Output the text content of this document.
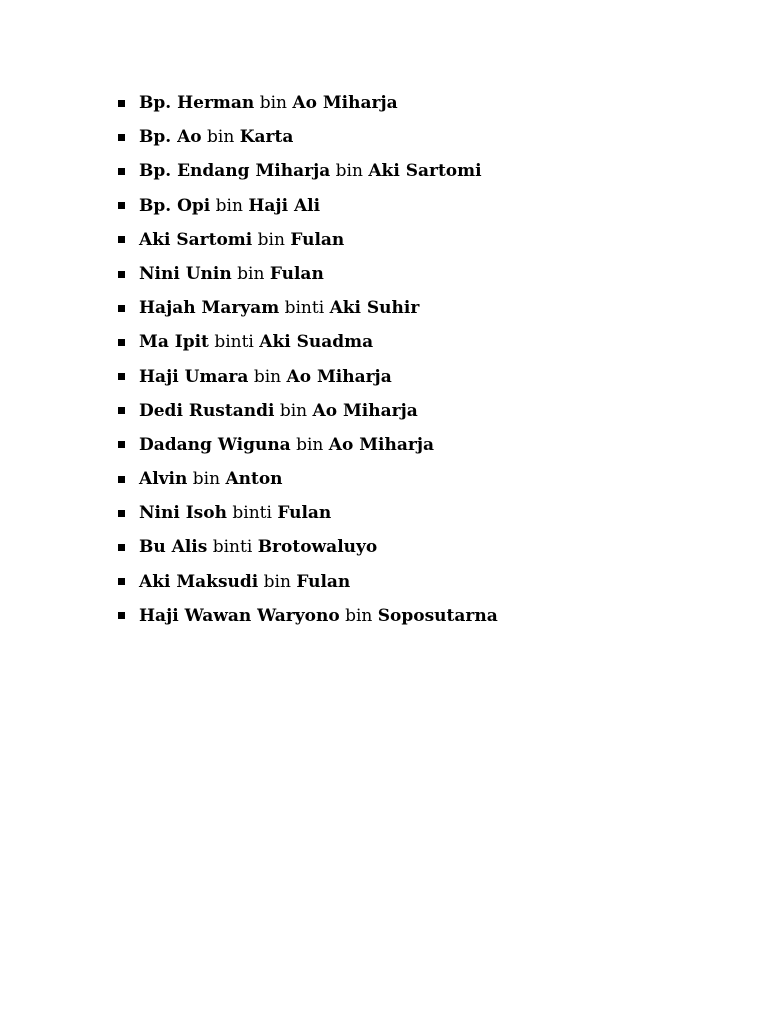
Bp. Herman
bin
Ao Miharja
Bp. Ao
bin
Karta
Bp. Endang Miharja
bin
Aki Sartomi
Bp. Opi
bin
Haji Ali
Aki Sartomi
bin
Fulan
Nini Unin
bin
Fulan
Hajah Maryam
binti
Aki Suhir
Ma Ipit
binti
Aki Suadma
Haji Umara
bin
Ao Miharja
Dedi Rustandi
bin
Ao Miharja
Dadang Wiguna
bin
Ao Miharja
Alvin
bin
Anton
Nini Isoh
binti
Fulan
Bu Alis
binti
Brotowaluyo
Aki Maksudi
bin
Fulan
Haji Wawan Waryono
bin
Soposutarna
